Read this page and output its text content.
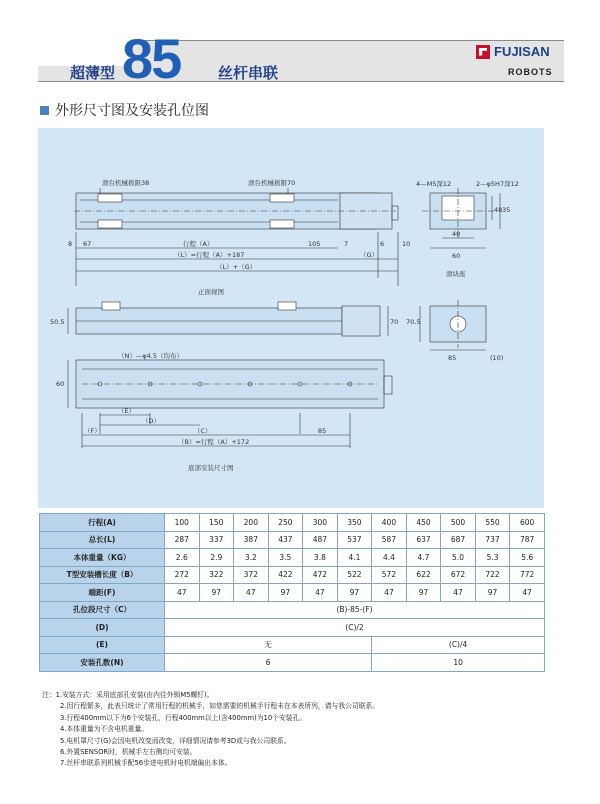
超薄型 85	丝杆串联
FUJISAN
ROBOTS
外形尺寸图及安装孔位图
滑台机械极限38	滑台机械极限70
8 67	行程（A）	105	7	6	10
（L）=行程（A）+187	（G）
（L）+（G）
正面视图
4—M5深12	2—φ5H7深12
40
60
48 35
滑块座
50.5	70 70.5
85	(10)
（N）—φ4.5（均布）
60
（E）
（D）
（F）	（C）	85
（B）=行程（A）+172
底部安装尺寸图
行程(A)	100	150	200	250	300	350	400	450	500	550	600
总长(L)	287	337	387	437	487	537	587	637	687	737	787
本体重量（KG）	2.6	2.9	3.2	3.5	3.8	4.1	4.4	4.7	5.0	5.3	5.6
T型安装槽长度（B）	272	322	372	422	472	522	572	622	672	722	772
端距(F)	47	97	47	97	47	97	47	97	47	97	47
孔位段尺寸（C）	(B)-85-(F)										
(D)	(C)/2										
(E)	无						(C)/4				
安装孔数(N)	6						10				
注：1.安装方式：采用底部孔安装(由内往外锁M5螺钉)。
2.因行程繁多，此表只统计了常用行程的机械手，如您需要的机械手行程未在本表所列，请与我公司联系。
3.行程400mm以下为6个安装孔，行程400mm以上(含400mm)为10个安装孔。
4.本体重量为不含电机重量。
5.电机罩尺寸(G)会因电机改变而改变，详细情况请参考3D或与我公司联系。
6.外置SENSOR时，机械手左右侧均可安装。
7.丝杆串联系列机械手配56步进电机时电机端偏出本体。
